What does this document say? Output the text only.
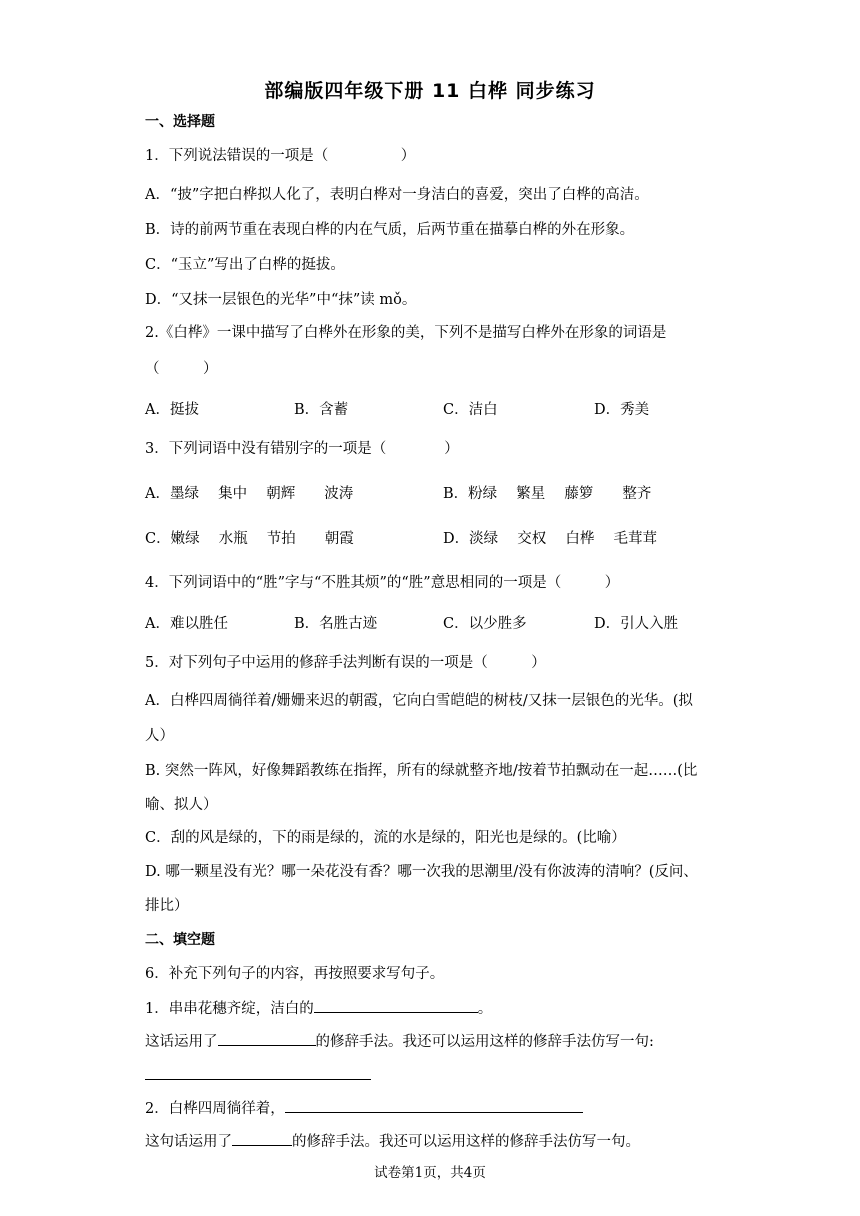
部编版四年级下册 11 白桦 同步练习
一、选择题
1．下列说法错误的一项是（　　　　　）
A．“披”字把白桦拟人化了，表明白桦对一身洁白的喜爱，突出了白桦的高洁。
B．诗的前两节重在表现白桦的内在气质，后两节重在描摹白桦的外在形象。
C．“玉立”写出了白桦的挺拔。
D．“又抹一层银色的光华”中“抹”读 mǒ。
2.《白桦》一课中描写了白桦外在形象的美，下列不是描写白桦外在形象的词语是
（　　　）
A．挺拔	B．含蓄	C．洁白	D．秀美
3．下列词语中没有错别字的一项是（　　　　）
A．墨绿　 集中　 朝辉　　波涛	B．粉绿　 繁星　 藤箩　　整齐
C．嫩绿　 水瓶　 节拍　　朝霞	D．淡绿　 交权　 白桦　 毛茸茸
4．下列词语中的“胜”字与“不胜其烦”的“胜”意思相同的一项是（　　　）
A．难以胜任	B．名胜古迹	C．以少胜多	D．引人入胜
5．对下列句子中运用的修辞手法判断有误的一项是（　　　）
A．白桦四周徜徉着/姗姗来迟的朝霞，它向白雪皑皑的树枝/又抹一层银色的光华。(拟
人）
B. 突然一阵风，好像舞蹈教练在指挥，所有的绿就整齐地/按着节拍飘动在一起……(比
喻、拟人）
C．刮的风是绿的，下的雨是绿的，流的水是绿的，阳光也是绿的。(比喻）
D. 哪一颗星没有光？哪一朵花没有香？哪一次我的思潮里/没有你波涛的清响？(反问、
排比）
二、填空题
6．补充下列句子的内容，再按照要求写句子。
1．串串花穗齐绽，洁白的	。
这话运用了	的修辞手法。我还可以运用这样的修辞手法仿写一句:
2．白桦四周徜徉着，
这句话运用了	的修辞手法。我还可以运用这样的修辞手法仿写一句。
试卷第1页，共4页
